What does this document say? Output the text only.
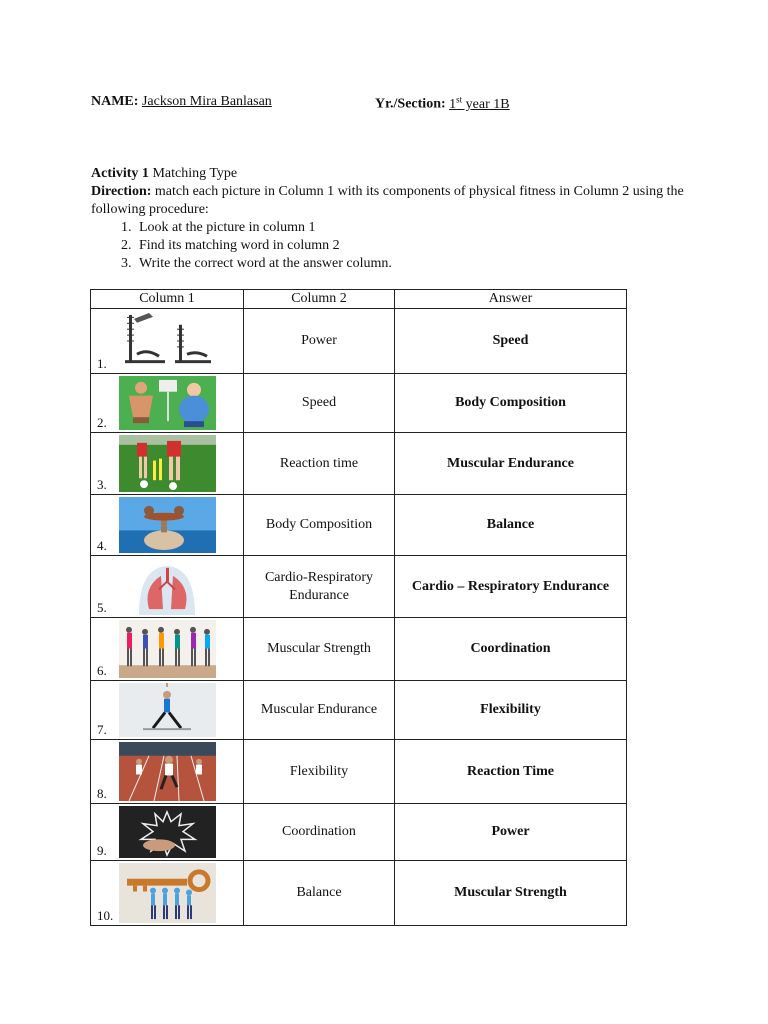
NAME: Jackson Mira Banlasan	Yr./Section: 1st year 1B
Activity 1 Matching Type
Direction: match each picture in Column 1 with its components of physical fitness in Column 2 using the following procedure:
1. Look at the picture in column 1
2. Find its matching word in column 2
3. Write the correct word at the answer column.
Column 1	Column 2	Answer

1.	Power	Speed

2.	Speed	Body Composition

3.	Reaction time	Muscular Endurance

4.	Body Composition	Balance

5.	Cardio-Respiratory Endurance	Cardio – Respiratory Endurance

6.	Muscular Strength	Coordination

7.	Muscular Endurance	Flexibility

8.	Flexibility	Reaction Time

9.	Coordination	Power

10.	Balance	Muscular Strength
